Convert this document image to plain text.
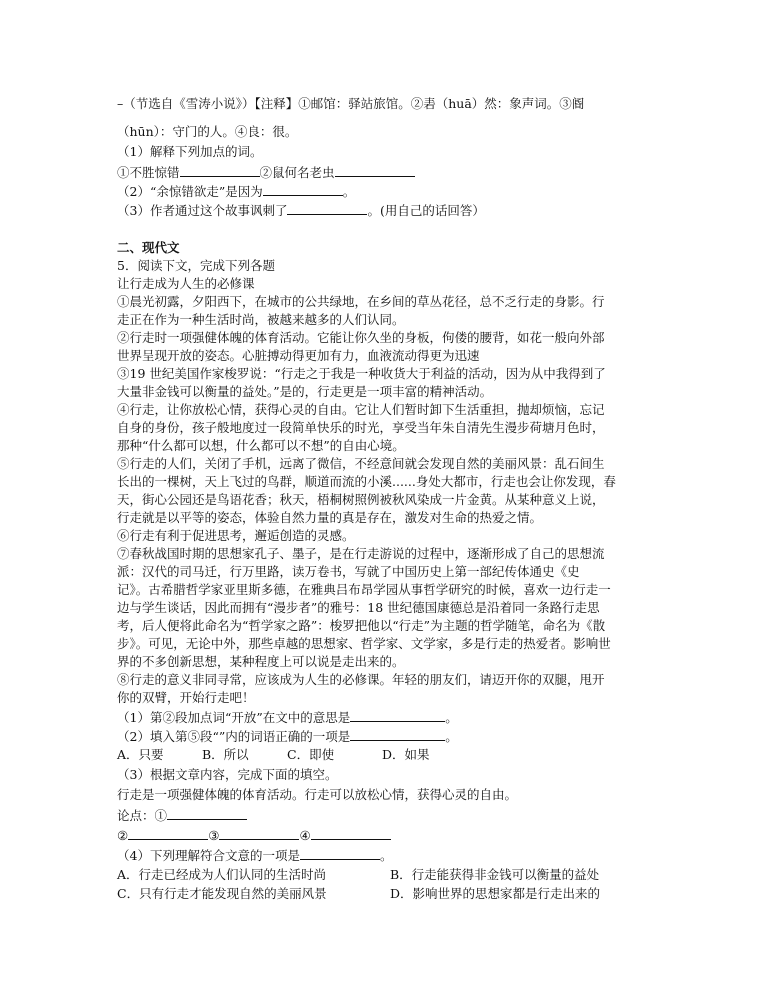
–（节选自《雪涛小说》）【注释】①邮馆：驿站旅馆。②砉（huā）然：象声词。③阍
（hūn）：守门的人。④良：很。
（1）解释下列加点的词。
①不胜惊错	②鼠何名老虫
（2）“余惊错欲走”是因为	。
（3）作者通过这个故事讽刺了	。(用自己的话回答）
二、现代文
5．阅读下文，完成下列各题
让行走成为人生的必修课
①晨光初露，夕阳西下，在城市的公共绿地，在乡间的草丛花径，总不乏行走的身影。行
走正在作为一种生活时尚，被越来越多的人们认同。
②行走时一项强健体魄的体育活动。它能让你久坐的身板，佝偻的腰背，如花一般向外部
世界呈现开放的姿态。心脏搏动得更加有力，血液流动得更为迅速
③19 世纪美国作家梭罗说：“行走之于我是一种收货大于利益的活动，因为从中我得到了
大量非金钱可以衡量的益处。”是的，行走更是一项丰富的精神活动。
④行走，让你放松心情，获得心灵的自由。它让人们暂时卸下生活重担，抛却烦恼，忘记
自身的身份，孩子般地度过一段简单快乐的时光，享受当年朱自清先生漫步荷塘月色时，
那种“什么都可以想，什么都可以不想”的自由心境。
⑤行走的人们，关闭了手机，远离了微信，不经意间就会发现自然的美丽风景：乱石间生
长出的一棵树，天上飞过的鸟群，顺道而流的小溪......身处大都市，行走也会让你发现，春
天，街心公园还是鸟语花香；秋天，梧桐树照例被秋风染成一片金黄。从某种意义上说，
行走就是以平等的姿态，体验自然力量的真是存在，激发对生命的热爱之情。
⑥行走有利于促进思考，邂逅创造的灵感。
⑦春秋战国时期的思想家孔子、墨子，是在行走游说的过程中，逐渐形成了自己的思想流
派：汉代的司马迁，行万里路，读万卷书，写就了中国历史上第一部纪传体通史《史
记》。古希腊哲学家亚里斯多德，在雅典吕布昂学园从事哲学研究的时候，喜欢一边行走一
边与学生谈话，因此而拥有“漫步者”的雅号：18 世纪德国康德总是沿着同一条路行走思
考，后人便将此命名为“哲学家之路”：梭罗把他以“行走”为主题的哲学随笔，命名为《散
步》。可见，无论中外，那些卓越的思想家、哲学家、文学家，多是行走的热爱者。影响世
界的不多创新思想，某种程度上可以说是走出来的。
⑧行走的意义非同寻常，应该成为人生的必修课。年轻的朋友们，请迈开你的双腿，甩开
你的双臂，开始行走吧！
（1）第②段加点词“开放”在文中的意思是	。
（2）填入第⑤段“”内的词语正确的一项是	。
A．只要	B．所以	C．即使	D．如果
（3）根据文章内容，完成下面的填空。
行走是一项强健体魄的体育活动。行走可以放松心情，获得心灵的自由。
论点：①
②	③	④
（4）下列理解符合文意的一项是	。
A．行走已经成为人们认同的生活时尚	B．行走能获得非金钱可以衡量的益处
C．只有行走才能发现自然的美丽风景	D．影响世界的思想家都是行走出来的
